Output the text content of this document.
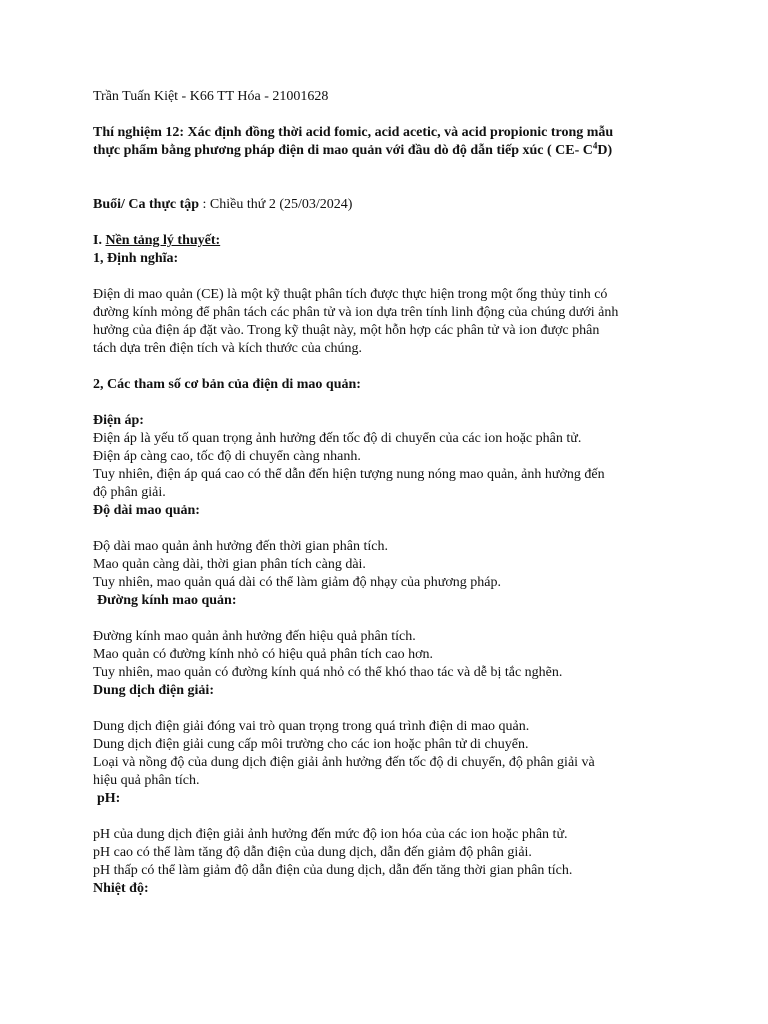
Trần Tuấn Kiệt - K66 TT Hóa - 21001628

Thí nghiệm 12: Xác định đồng thời acid fomic, acid acetic, và acid propionic trong mẫu

thực phẩm bằng phương pháp điện di mao quản với đầu dò độ dẫn tiếp xúc ( CE- $C^4D$)

Buổi/ Ca thực tập : Chiều thứ 2 (25/03/2024)

I. Nền tảng lý thuyết:

1, Định nghĩa:

Điện di mao quản (CE) là một kỹ thuật phân tích được thực hiện trong một ống thủy tinh có

đường kính mỏng để phân tách các phân tử và ion dựa trên tính linh động của chúng dưới ảnh

hưởng của điện áp đặt vào. Trong kỹ thuật này, một hỗn hợp các phân tử và ion được phân

tách dựa trên điện tích và kích thước của chúng.

2, Các tham số cơ bản của điện di mao quản:

Điện áp:

Điện áp là yếu tố quan trọng ảnh hưởng đến tốc độ di chuyển của các ion hoặc phân tử.

Điện áp càng cao, tốc độ di chuyển càng nhanh.

Tuy nhiên, điện áp quá cao có thể dẫn đến hiện tượng nung nóng mao quản, ảnh hưởng đến

độ phân giải.

Độ dài mao quản:

Độ dài mao quản ảnh hưởng đến thời gian phân tích.

Mao quản càng dài, thời gian phân tích càng dài.

Tuy nhiên, mao quản quá dài có thể làm giảm độ nhạy của phương pháp.

Đường kính mao quản:

Đường kính mao quản ảnh hưởng đến hiệu quả phân tích.

Mao quản có đường kính nhỏ có hiệu quả phân tích cao hơn.

Tuy nhiên, mao quản có đường kính quá nhỏ có thể khó thao tác và dễ bị tắc nghẽn.

Dung dịch điện giải:

Dung dịch điện giải đóng vai trò quan trọng trong quá trình điện di mao quản.

Dung dịch điện giải cung cấp môi trường cho các ion hoặc phân tử di chuyển.

Loại và nồng độ của dung dịch điện giải ảnh hưởng đến tốc độ di chuyển, độ phân giải và

hiệu quả phân tích.

pH:

pH của dung dịch điện giải ảnh hưởng đến mức độ ion hóa của các ion hoặc phân tử.

pH cao có thể làm tăng độ dẫn điện của dung dịch, dẫn đến giảm độ phân giải.

pH thấp có thể làm giảm độ dẫn điện của dung dịch, dẫn đến tăng thời gian phân tích.

Nhiệt độ:
